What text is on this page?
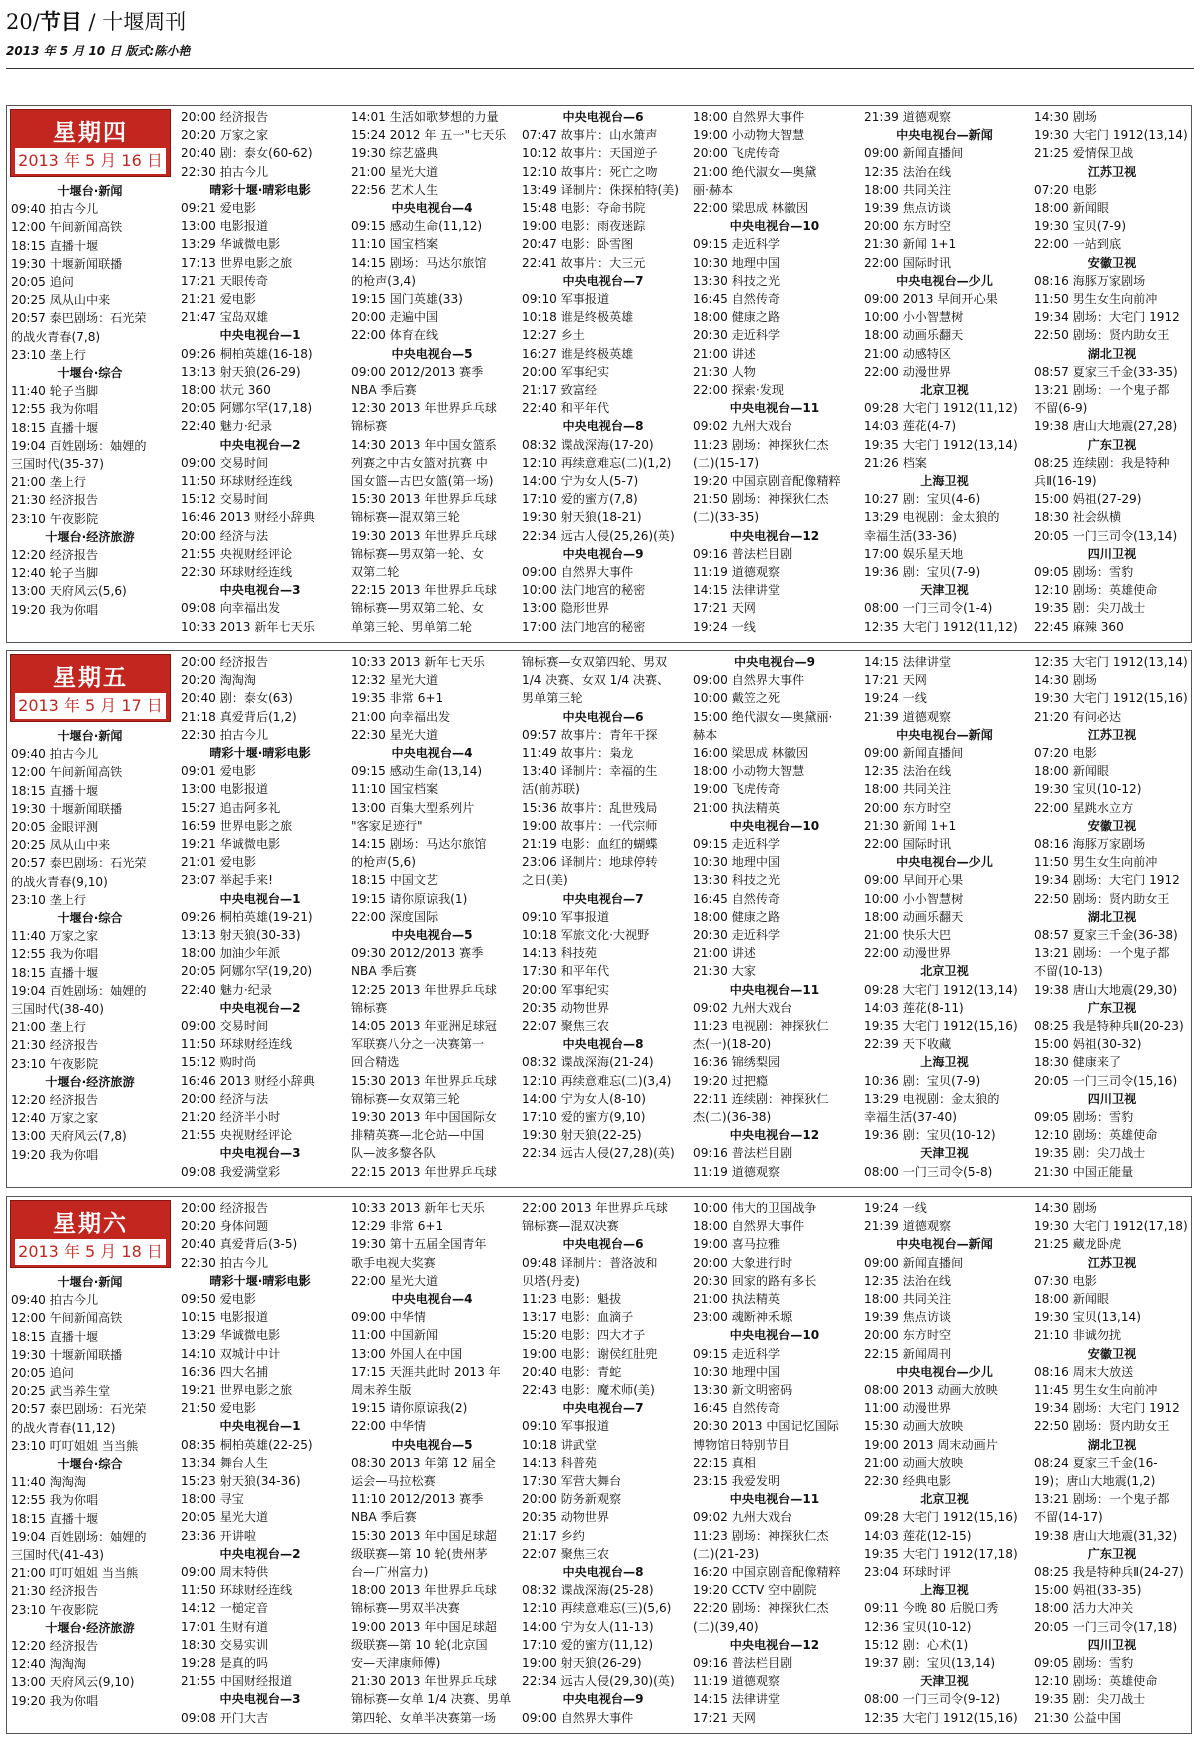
20/节目 / 十堰周刊
2013 年 5 月 10 日 版式:陈小艳
星期四
2013 年 5 月 16 日
十堰台·新闻
09:40 拍古今儿
12:00 午间新闻高铁
18:15 直播十堰
19:30 十堰新闻联播
20:05 追问
20:25 凤从山中来
20:57 泰巴剧场：石光荣
的战火青春(7,8)
23:10 垄上行
十堰台·综合
11:40 轮子当脚
12:55 我为你唱
18:15 直播十堰
19:04 百姓剧场：妯娌的
三国时代(35-37)
21:00 垄上行
21:30 经济报告
23:10 午夜影院
十堰台·经济旅游
12:20 经济报告
12:40 轮子当脚
13:00 天府风云(5,6)
19:20 我为你唱
20:00 经济报告
20:20 万家之家
20:40 剧：泰女(60-62)
22:30 拍古今儿
晴彩十堰·晴彩电影
09:21 爱电影
13:00 电影报道
13:29 华诚微电影
17:13 世界电影之旅
17:21 天眼传奇
21:21 爱电影
21:47 宝岛双雄
中央电视台—1
09:26 桐柏英雄(16-18)
13:13 射天狼(26-29)
18:00 状元 360
20:05 阿娜尔罕(17,18)
22:40 魅力·纪录
中央电视台—2
09:00 交易时间
11:50 环球财经连线
15:12 交易时间
16:46 2013 财经小辞典
20:00 经济与法
21:55 央视财经评论
22:30 环球财经连线
中央电视台—3
09:08 向幸福出发
10:33 2013 新年七天乐
14:01 生活如歌梦想的力量
15:24 2012 年 五一"七天乐
19:30 综艺盛典
21:00 星光大道
22:56 艺术人生
中央电视台—4
09:15 感动生命(11,12)
11:10 国宝档案
14:15 剧场：马达尔旅馆
的枪声(3,4)
19:15 国门英雄(33)
20:00 走遍中国
22:00 体育在线
中央电视台—5
09:00 2012/2013 赛季
NBA 季后赛
12:30 2013 年世界乒乓球
锦标赛
14:30 2013 年中国女篮系
列赛之中古女篮对抗赛 中
国女篮—古巴女篮(第一场)
15:30 2013 年世界乒乓球
锦标赛—混双第三轮
19:30 2013 年世界乒乓球
锦标赛—男双第一轮、女
双第二轮
22:15 2013 年世界乒乓球
锦标赛—男双第二轮、女
单第三轮、男单第二轮
中央电视台—6
07:47 故事片：山水箫声
10:12 故事片：天国逆子
12:10 故事片：死亡之吻
13:49 译制片：侏探柏特(美)
15:48 电影：夺命书院
19:00 电影：雨夜迷踪
20:47 电影：卧雪图
22:41 故事片：大三元
中央电视台—7
09:10 军事报道
10:18 谁是终极英雄
12:27 乡土
16:27 谁是终极英雄
20:00 军事纪实
21:17 致富经
22:40 和平年代
中央电视台—8
08:32 谍战深海(17-20)
12:10 再续意难忘(二)(1,2)
14:00 宁为女人(5-7)
17:10 爱的蜜方(7,8)
19:30 射天狼(18-21)
22:34 远古人侵(25,26)(英)
中央电视台—9
09:00 自然界大事件
10:00 法门地宫的秘密
13:00 隐形世界
17:00 法门地宫的秘密
18:00 自然界大事件
19:00 小动物大智慧
20:00 飞虎传奇
21:00 绝代淑女—奥黛
丽·赫本
22:00 梁思成 林徽因
中央电视台—10
09:15 走近科学
10:30 地理中国
13:30 科技之光
16:45 自然传奇
18:00 健康之路
20:30 走近科学
21:00 讲述
21:30 人物
22:00 探索·发现
中央电视台—11
09:02 九州大戏台
11:23 剧场：神探狄仁杰
(二)(15-17)
19:20 中国京剧音配像精粹
21:50 剧场：神探狄仁杰
(二)(33-35)
中央电视台—12
09:16 普法栏目剧
11:19 道德观察
14:15 法律讲堂
17:21 天网
19:24 一线
21:39 道德观察
中央电视台—新闻
09:00 新闻直播间
12:35 法治在线
18:00 共同关注
19:39 焦点访谈
20:00 东方时空
21:30 新闻 1+1
22:00 国际时讯
中央电视台—少儿
09:00 2013 早间开心果
10:00 小小智慧树
18:00 动画乐翻天
21:00 动感特区
22:00 动漫世界
北京卫视
09:28 大宅门 1912(11,12)
14:03 莲花(4-7)
19:35 大宅门 1912(13,14)
21:26 档案
上海卫视
10:27 剧：宝贝(4-6)
13:29 电视剧：金太狼的
幸福生活(33-36)
17:00 娱乐星天地
19:36 剧：宝贝(7-9)
天津卫视
08:00 一门三司令(1-4)
12:35 大宅门 1912(11,12)
14:30 剧场
19:30 大宅门 1912(13,14)
21:25 爱情保卫战
江苏卫视
07:20 电影
18:00 新闻眼
19:30 宝贝(7-9)
22:00 一站到底
安徽卫视
08:16 海豚万家剧场
11:50 男生女生向前冲
19:34 剧场：大宅门 1912
22:50 剧场：贤内助女王
湖北卫视
08:57 夏家三千金(33-35)
13:21 剧场：一个鬼子都
不留(6-9)
19:38 唐山大地震(27,28)
广东卫视
08:25 连续剧：我是特种
兵Ⅱ(16-19)
15:00 妈祖(27-29)
18:30 社会纵横
20:05 一门三司令(13,14)
四川卫视
09:05 剧场：雪豹
12:10 剧场：英雄使命
19:35 剧：尖刀战士
22:45 麻辣 360
星期五
2013 年 5 月 17 日
十堰台·新闻
09:40 拍古今儿
12:00 午间新闻高铁
18:15 直播十堰
19:30 十堰新闻联播
20:05 金眼评测
20:25 凤从山中来
20:57 泰巴剧场：石光荣
的战火青春(9,10)
23:10 垄上行
十堰台·综合
11:40 万家之家
12:55 我为你唱
18:15 直播十堰
19:04 百姓剧场：妯娌的
三国时代(38-40)
21:00 垄上行
21:30 经济报告
23:10 午夜影院
十堰台·经济旅游
12:20 经济报告
12:40 万家之家
13:00 天府风云(7,8)
19:20 我为你唱
20:00 经济报告
20:20 淘淘淘
20:40 剧：泰女(63)
21:18 真爱背后(1,2)
22:30 拍古今儿
晴彩十堰·晴彩电影
09:01 爱电影
13:00 电影报道
15:27 追击阿多礼
16:59 世界电影之旅
19:21 华诚微电影
21:01 爱电影
23:07 举起手来!
中央电视台—1
09:26 桐柏英雄(19-21)
13:13 射天狼(30-33)
18:00 加油少年派
20:05 阿娜尔罕(19,20)
22:40 魅力·纪录
中央电视台—2
09:00 交易时间
11:50 环球财经连线
15:12 购时尚
16:46 2013 财经小辞典
20:00 经济与法
21:20 经济半小时
21:55 央视财经评论
中央电视台—3
09:08 我爱满堂彩
10:33 2013 新年七天乐
12:32 星光大道
19:35 非常 6+1
21:00 向幸福出发
22:30 星光大道
中央电视台—4
09:15 感动生命(13,14)
11:10 国宝档案
13:00 百集大型系列片
"客家足迹行"
14:15 剧场：马达尔旅馆
的枪声(5,6)
18:15 中国文艺
19:15 请你原谅我(1)
22:00 深度国际
中央电视台—5
09:30 2012/2013 赛季
NBA 季后赛
12:25 2013 年世界乒乓球
锦标赛
14:05 2013 年亚洲足球冠
军联赛八分之一决赛第一
回合精选
15:30 2013 年世界乒乓球
锦标赛—女双第三轮
19:30 2013 年中国国际女
排精英赛—北仑站—中国
队—波多黎各队
22:15 2013 年世界乒乓球
锦标赛—女双第四轮、男双
1/4 决赛、女双 1/4 决赛、
男单第三轮
中央电视台—6
09:57 故事片：青年干探
11:49 故事片：枭龙
13:40 译制片：幸福的生
活(前苏联)
15:36 故事片：乱世残局
19:00 故事片：一代宗师
21:19 电影：血红的蝴蝶
23:06 译制片：地球停转
之日(美)
中央电视台—7
09:10 军事报道
10:18 军旅文化·大视野
14:13 科技苑
17:30 和平年代
20:00 军事纪实
20:35 动物世界
22:07 聚焦三农
中央电视台—8
08:32 谍战深海(21-24)
12:10 再续意难忘(二)(3,4)
14:00 宁为女人(8-10)
17:10 爱的蜜方(9,10)
19:30 射天狼(22-25)
22:34 远古人侵(27,28)(英)
中央电视台—9
09:00 自然界大事件
10:00 戴笠之死
15:00 绝代淑女—奥黛丽·
赫本
16:00 梁思成 林徽因
18:00 小动物大智慧
19:00 飞虎传奇
21:00 执法精英
中央电视台—10
09:15 走近科学
10:30 地理中国
13:30 科技之光
16:45 自然传奇
18:00 健康之路
20:30 走近科学
21:00 讲述
21:30 大家
中央电视台—11
09:02 九州大戏台
11:23 电视剧：神探狄仁
杰(一)(18-20)
16:36 锦绣梨园
19:20 过把瘾
22:11 连续剧：神探狄仁
杰(二)(36-38)
中央电视台—12
09:16 普法栏目剧
11:19 道德观察
14:15 法律讲堂
17:21 天网
19:24 一线
21:39 道德观察
中央电视台—新闻
09:00 新闻直播间
12:35 法治在线
18:00 共同关注
20:00 东方时空
21:30 新闻 1+1
22:00 国际时讯
中央电视台—少儿
09:00 早间开心果
10:00 小小智慧树
18:00 动画乐翻天
21:00 快乐大巴
22:00 动漫世界
北京卫视
09:28 大宅门 1912(13,14)
14:03 莲花(8-11)
19:35 大宅门 1912(15,16)
22:39 天下收藏
上海卫视
10:36 剧：宝贝(7-9)
13:29 电视剧：金太狼的
幸福生活(37-40)
19:36 剧：宝贝(10-12)
天津卫视
08:00 一门三司令(5-8)
12:35 大宅门 1912(13,14)
14:30 剧场
19:30 大宅门 1912(15,16)
21:20 有问必达
江苏卫视
07:20 电影
18:00 新闻眼
19:30 宝贝(10-12)
22:00 星跳水立方
安徽卫视
08:16 海豚万家剧场
11:50 男生女生向前冲
19:34 剧场：大宅门 1912
22:50 剧场：贤内助女王
湖北卫视
08:57 夏家三千金(36-38)
13:21 剧场：一个鬼子都
不留(10-13)
19:38 唐山大地震(29,30)
广东卫视
08:25 我是特种兵Ⅱ(20-23)
15:00 妈祖(30-32)
18:30 健康来了
20:05 一门三司令(15,16)
四川卫视
09:05 剧场：雪豹
12:10 剧场：英雄使命
19:35 剧：尖刀战士
21:30 中国正能量
星期六
2013 年 5 月 18 日
十堰台·新闻
09:40 拍古今儿
12:00 午间新闻高铁
18:15 直播十堰
19:30 十堰新闻联播
20:05 追问
20:25 武当养生堂
20:57 泰巴剧场：石光荣
的战火青春(11,12)
23:10 叮叮姐姐 当当熊
十堰台·综合
11:40 淘淘淘
12:55 我为你唱
18:15 直播十堰
19:04 百姓剧场：妯娌的
三国时代(41-43)
21:00 叮叮姐姐 当当熊
21:30 经济报告
23:10 午夜影院
十堰台·经济旅游
12:20 经济报告
12:40 淘淘淘
13:00 天府风云(9,10)
19:20 我为你唱
20:00 经济报告
20:20 身体问题
20:40 真爱背后(3-5)
22:30 拍古今儿
晴彩十堰·晴彩电影
09:50 爱电影
10:15 电影报道
13:29 华诚微电影
14:10 双城计中计
16:36 四大名捕
19:21 世界电影之旅
21:50 爱电影
中央电视台—1
08:35 桐柏英雄(22-25)
13:34 舞台人生
15:23 射天狼(34-36)
18:00 寻宝
20:05 星光大道
23:36 开讲啦
中央电视台—2
09:00 周末特供
11:50 环球财经连线
14:12 一槌定音
17:01 生财有道
18:30 交易实训
19:28 是真的吗
21:55 中国财经报道
中央电视台—3
09:08 开门大吉
10:33 2013 新年七天乐
12:29 非常 6+1
19:30 第十五届全国青年
歌手电视大奖赛
22:00 星光大道
中央电视台—4
09:00 中华情
11:00 中国新闻
13:00 外国人在中国
17:15 天涯共此时 2013 年
周末养生版
19:15 请你原谅我(2)
22:00 中华情
中央电视台—5
08:30 2013 年第 12 届全
运会—马拉松赛
11:10 2012/2013 赛季
NBA 季后赛
15:30 2013 年中国足球超
级联赛—第 10 轮(贵州茅
台—广州富力)
18:00 2013 年世界乒乓球
锦标赛—男双半决赛
19:00 2013 年中国足球超
级联赛—第 10 轮(北京国
安—天津康师傅)
21:30 2013 年世界乒乓球
锦标赛—女单 1/4 决赛、男单
第四轮、女单半决赛第一场
22:00 2013 年世界乒乓球
锦标赛—混双决赛
中央电视台—6
09:48 译制片：普洛波和
贝塔(丹麦)
11:23 电影：魁拔
13:17 电影：血滴子
15:20 电影：四大才子
19:00 电影：谢侯红肚兜
20:40 电影：青蛇
22:43 电影：魔术师(美)
中央电视台—7
09:10 军事报道
10:18 讲武堂
14:13 科普苑
17:30 军营大舞台
20:00 防务新观察
20:35 动物世界
21:17 乡约
22:07 聚焦三农
中央电视台—8
08:32 谍战深海(25-28)
12:10 再续意难忘(三)(5,6)
14:00 宁为女人(11-13)
17:10 爱的蜜方(11,12)
19:00 射天狼(26-29)
22:34 远古人侵(29,30)(英)
中央电视台—9
09:00 自然界大事件
10:00 伟大的卫国战争
18:00 自然界大事件
19:00 喜马拉雅
20:00 大象进行时
20:30 回家的路有多长
21:00 执法精英
23:00 魂断神禾塬
中央电视台—10
09:15 走近科学
10:30 地理中国
13:30 新文明密码
16:45 自然传奇
20:30 2013 中国记忆国际
博物馆日特别节目
22:15 真相
23:15 我爱发明
中央电视台—11
09:02 九州大戏台
11:23 剧场：神探狄仁杰
(二)(21-23)
16:20 中国京剧音配像精粹
19:20 CCTV 空中剧院
22:20 剧场：神探狄仁杰
(二)(39,40)
中央电视台—12
09:16 普法栏目剧
11:19 道德观察
14:15 法律讲堂
17:21 天网
19:24 一线
21:39 道德观察
中央电视台—新闻
09:00 新闻直播间
12:35 法治在线
18:00 共同关注
19:39 焦点访谈
20:00 东方时空
22:15 新闻周刊
中央电视台—少儿
08:00 2013 动画大放映
11:00 动漫世界
15:30 动画大放映
19:00 2013 周末动画片
21:00 动画大放映
22:30 经典电影
北京卫视
09:28 大宅门 1912(15,16)
14:03 莲花(12-15)
19:35 大宅门 1912(17,18)
23:04 环球时评
上海卫视
09:11 今晚 80 后脱口秀
12:36 宝贝(10-12)
15:12 剧：心术(1)
19:37 剧：宝贝(13,14)
天津卫视
08:00 一门三司令(9-12)
12:35 大宅门 1912(15,16)
14:30 剧场
19:30 大宅门 1912(17,18)
21:25 藏龙卧虎
江苏卫视
07:30 电影
18:00 新闻眼
19:30 宝贝(13,14)
21:10 非诚勿扰
安徽卫视
08:16 周末大放送
11:45 男生女生向前冲
19:34 剧场：大宅门 1912
22:50 剧场：贤内助女王
湖北卫视
08:24 夏家三千金(16-
19)；唐山大地震(1,2)
13:21 剧场：一个鬼子都
不留(14-17)
19:38 唐山大地震(31,32)
广东卫视
08:25 我是特种兵Ⅱ(24-27)
15:00 妈祖(33-35)
18:00 活力大冲关
20:05 一门三司令(17,18)
四川卫视
09:05 剧场：雪豹
12:10 剧场：英雄使命
19:35 剧：尖刀战士
21:30 公益中国
